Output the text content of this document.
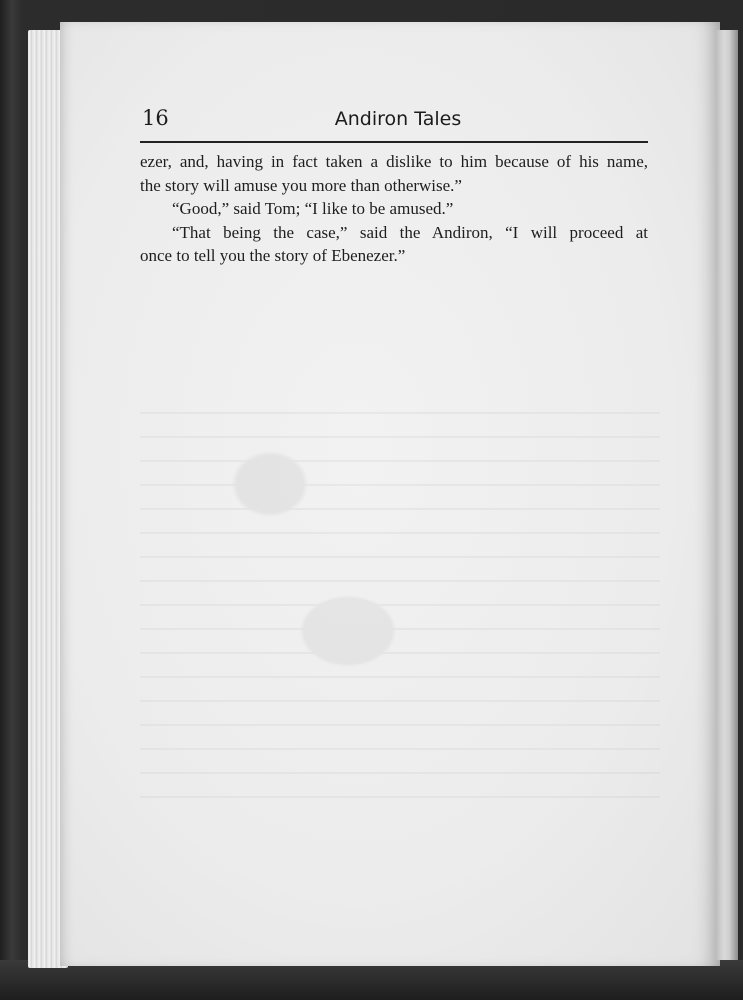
16	Andiron Tales
ezer, and, having in fact taken a dislike to him because of his name,
the story will amuse you more than otherwise.”
“Good,” said Tom; “I like to be amused.”
“That being the case,” said the Andiron, “I will proceed at
once to tell you the story of Ebenezer.”
